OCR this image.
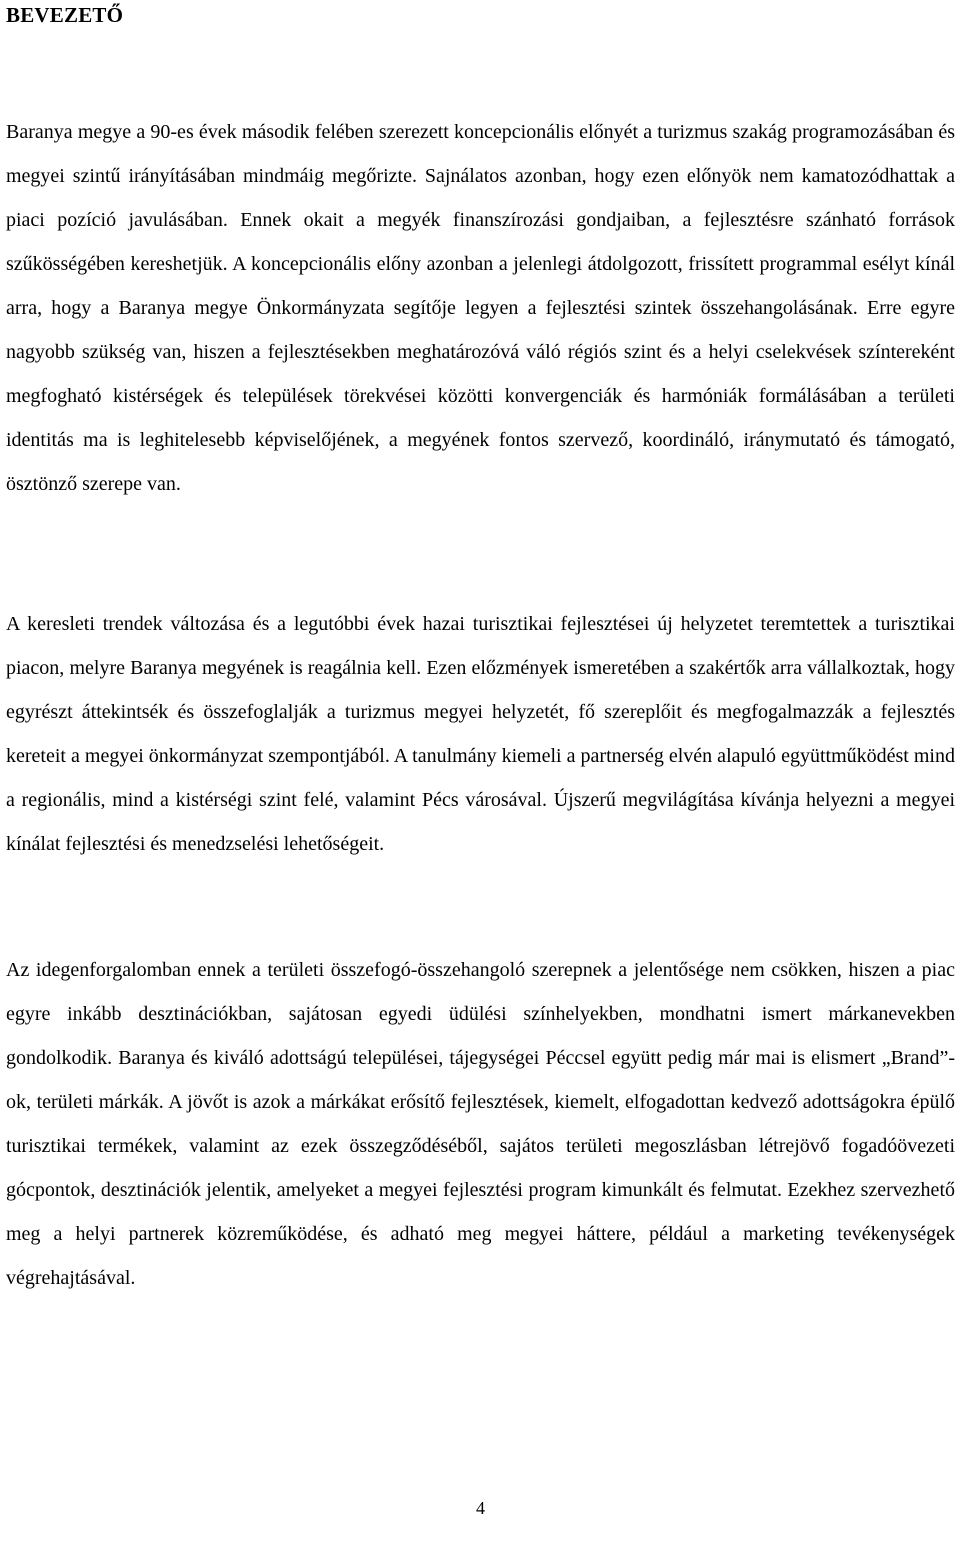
BEVEZETŐ

Baranya megye a 90-es évek második felében szerezett koncepcionális előnyét a turizmus szakág programozásában és megyei szintű irányításában mindmáig megőrizte. Sajnálatos azonban, hogy ezen előnyök nem kamatozódhattak a piaci pozíció javulásában. Ennek okait a megyék finanszírozási gondjaiban, a fejlesztésre szánható források szűkösségében kereshetjük. A koncepcionális előny azonban a jelenlegi átdolgozott, frissített programmal esélyt kínál arra, hogy a Baranya megye Önkormányzata segítője legyen a fejlesztési szintek összehangolásának. Erre egyre nagyobb szükség van, hiszen a fejlesztésekben meghatározóvá váló régiós szint és a helyi cselekvések színtereként megfogható kistérségek és települések törekvései közötti konvergenciák és harmóniák formálásában a területi identitás ma is leghitelesebb képviselőjének, a megyének fontos szervező, koordináló, iránymutató és támogató, ösztönző szerepe van.

A keresleti trendek változása és a legutóbbi évek hazai turisztikai fejlesztései új helyzetet teremtettek a turisztikai piacon, melyre Baranya megyének is reagálnia kell. Ezen előzmények ismeretében a szakértők arra vállalkoztak, hogy egyrészt áttekintsék és összefoglalják a turizmus megyei helyzetét, fő szereplőit és megfogalmazzák a fejlesztés kereteit a megyei önkormányzat szempontjából. A tanulmány kiemeli a partnerség elvén alapuló együttműködést mind a regionális, mind a kistérségi szint felé, valamint Pécs városával. Újszerű megvilágítása kívánja helyezni a megyei kínálat fejlesztési és menedzselési lehetőségeit.

Az idegenforgalomban ennek a területi összefogó-összehangoló szerepnek a jelentősége nem csökken, hiszen a piac egyre inkább desztinációkban, sajátosan egyedi üdülési színhelyekben, mondhatni ismert márkanevekben gondolkodik. Baranya és kiváló adottságú települései, tájegységei Péccsel együtt pedig már mai is elismert „Brand”-ok, területi márkák. A jövőt is azok a márkákat erősítő fejlesztések, kiemelt, elfogadottan kedvező adottságokra épülő turisztikai termékek, valamint az ezek összegződéséből, sajátos területi megoszlásban létrejövő fogadóövezeti gócpontok, desztinációk jelentik, amelyeket a megyei fejlesztési program kimunkált és felmutat. Ezekhez szervezhető meg a helyi partnerek közreműködése, és adható meg megyei háttere, például a marketing tevékenységek végrehajtásával.

4
